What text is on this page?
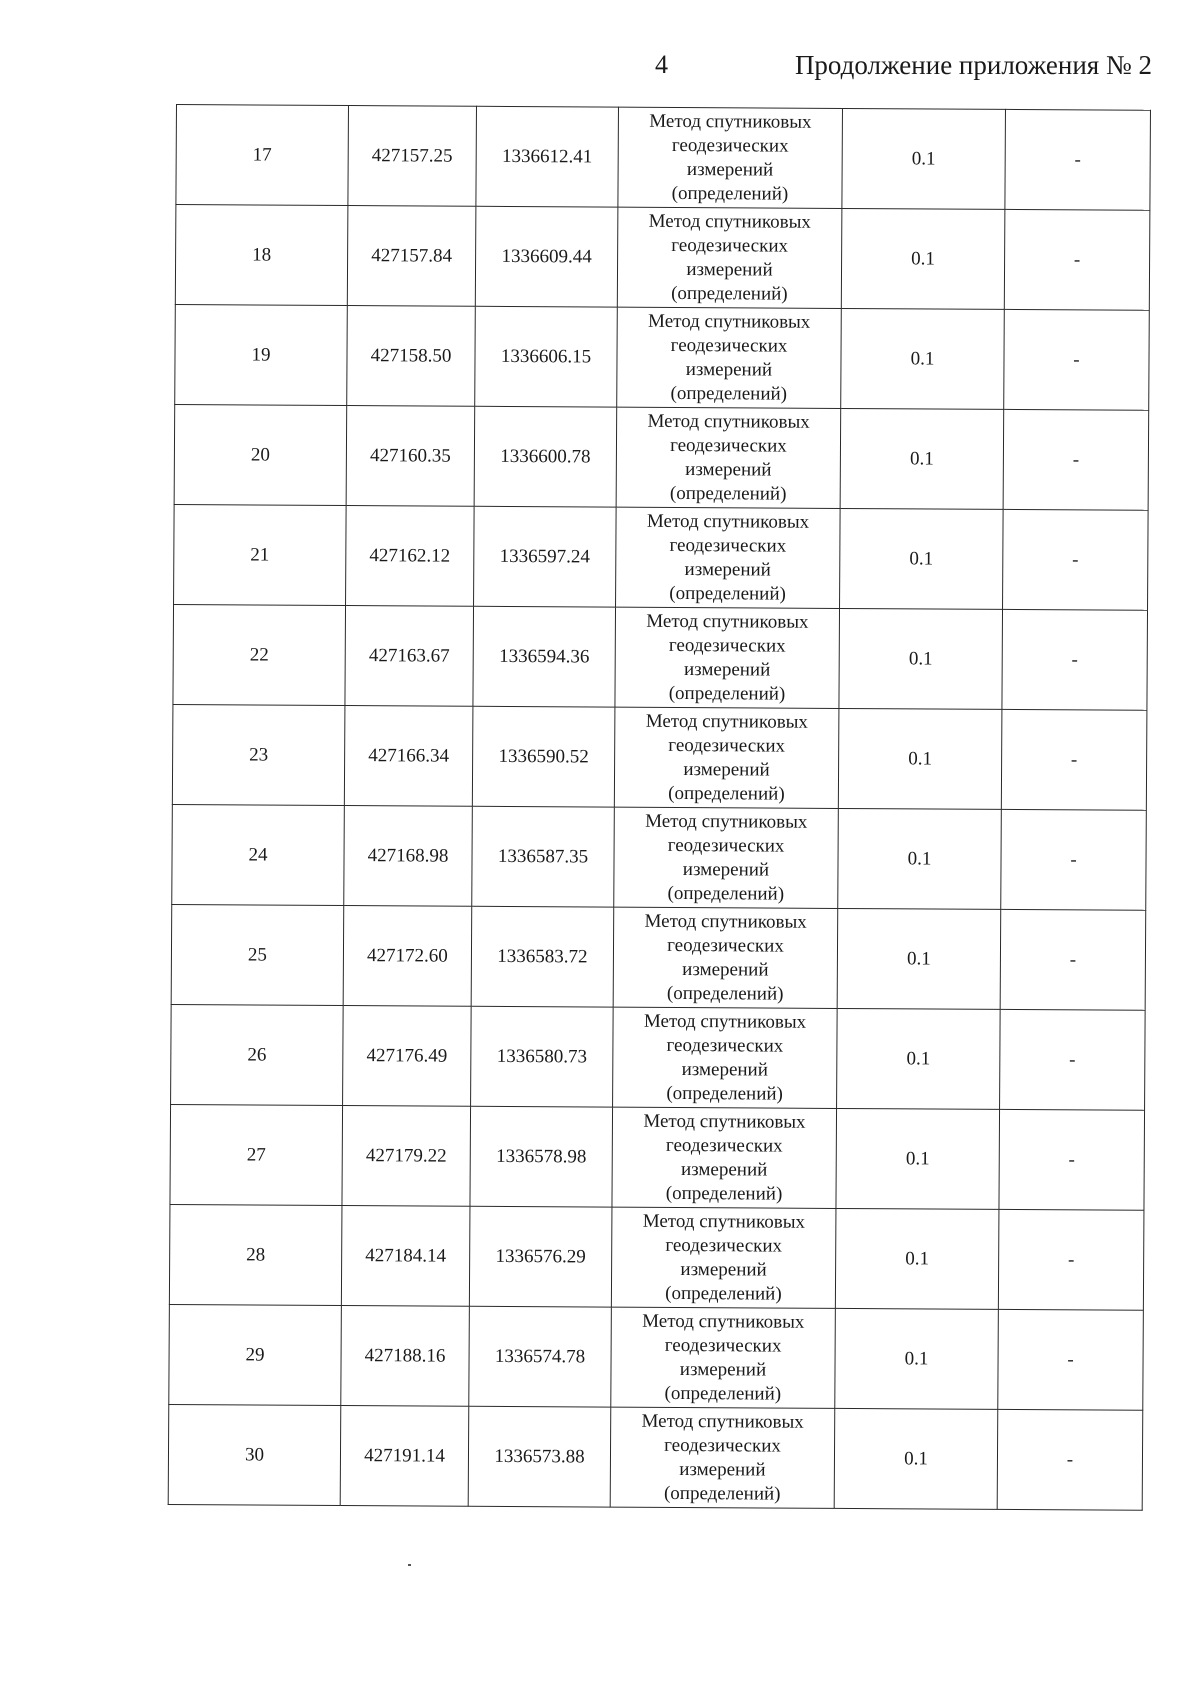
4	Продолжение приложения № 2
17	427157.25	1336612.41	Метод спутниковых
геодезических
измерений
(определений)	0.1	-
18	427157.84	1336609.44	Метод спутниковых
геодезических
измерений
(определений)	0.1	-
19	427158.50	1336606.15	Метод спутниковых
геодезических
измерений
(определений)	0.1	-
20	427160.35	1336600.78	Метод спутниковых
геодезических
измерений
(определений)	0.1	-
21	427162.12	1336597.24	Метод спутниковых
геодезических
измерений
(определений)	0.1	-
22	427163.67	1336594.36	Метод спутниковых
геодезических
измерений
(определений)	0.1	-
23	427166.34	1336590.52	Метод спутниковых
геодезических
измерений
(определений)	0.1	-
24	427168.98	1336587.35	Метод спутниковых
геодезических
измерений
(определений)	0.1	-
25	427172.60	1336583.72	Метод спутниковых
геодезических
измерений
(определений)	0.1	-
26	427176.49	1336580.73	Метод спутниковых
геодезических
измерений
(определений)	0.1	-
27	427179.22	1336578.98	Метод спутниковых
геодезических
измерений
(определений)	0.1	-
28	427184.14	1336576.29	Метод спутниковых
геодезических
измерений
(определений)	0.1	-
29	427188.16	1336574.78	Метод спутниковых
геодезических
измерений
(определений)	0.1	-
30	427191.14	1336573.88	Метод спутниковых
геодезических
измерений
(определений)	0.1	-
